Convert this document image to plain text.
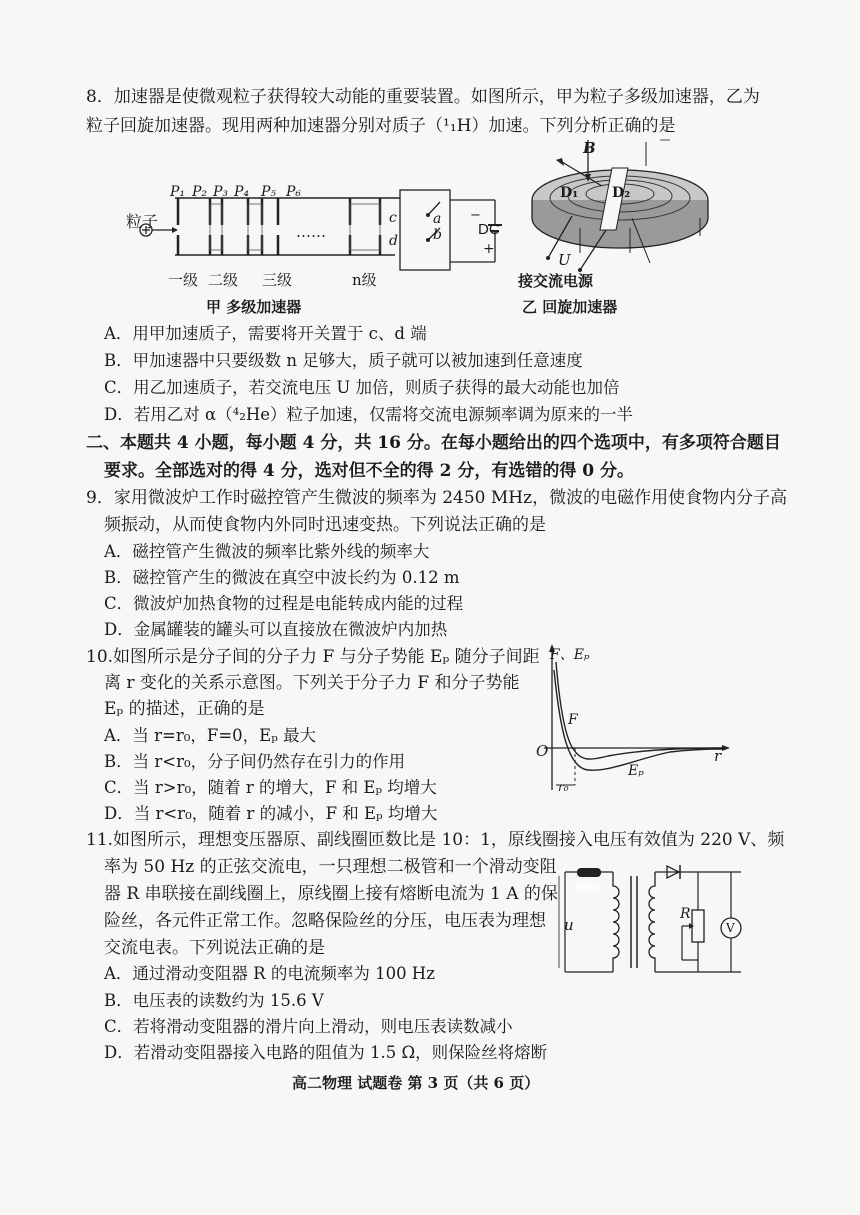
8．加速器是使微观粒子获得较大动能的重要装置。如图所示，甲为粒子多级加速器，乙为
粒子回旋加速器。现用两种加速器分别对质子（¹₁H）加速。下列分析正确的是
粒子
P₁ P₂ P₃ P₄ P₅ P₆
……
c
d
a
b DC
−
+
一级 二级 三级	n级
甲 多级加速器
B
D₁ D₂
U
接交流电源
乙 回旋加速器
A．用甲加速质子，需要将开关置于 c、d 端
B．甲加速器中只要级数 n 足够大，质子就可以被加速到任意速度
C．用乙加速质子，若交流电压 U 加倍，则质子获得的最大动能也加倍
D．若用乙对 α（⁴₂He）粒子加速，仅需将交流电源频率调为原来的一半
二、本题共 4 小题，每小题 4 分，共 16 分。在每小题给出的四个选项中，有多项符合题目
要求。全部选对的得 4 分，选对但不全的得 2 分，有选错的得 0 分。
9．家用微波炉工作时磁控管产生微波的频率为 2450 MHz，微波的电磁作用使食物内分子高
频振动，从而使食物内外同时迅速变热。下列说法正确的是
A．磁控管产生微波的频率比紫外线的频率大
B．磁控管产生的微波在真空中波长约为 0.12 m
C．微波炉加热食物的过程是电能转成内能的过程
D．金属罐装的罐头可以直接放在微波炉内加热
10.如图所示是分子间的分子力 F 与分子势能 Eₚ 随分子间距
离 r 变化的关系示意图。下列关于分子力 F 和分子势能
Eₚ 的描述，正确的是
A．当 r=r₀，F=0，Eₚ 最大
B．当 r<r₀，分子间仍然存在引力的作用
C．当 r>r₀，随着 r 的增大，F 和 Eₚ 均增大
D．当 r<r₀，随着 r 的减小，F 和 Eₚ 均增大
F、Eₚ
O	r
F
Eₚ
r₀
11.如图所示，理想变压器原、副线圈匝数比是 10：1，原线圈接入电压有效值为 220 V、频
率为 50 Hz 的正弦交流电，一只理想二极管和一个滑动变阻
器 R 串联接在副线圈上，原线圈上接有熔断电流为 1 A 的保
险丝，各元件正常工作。忽略保险丝的分压，电压表为理想
交流电表。下列说法正确的是
A．通过滑动变阻器 R 的电流频率为 100 Hz
B．电压表的读数约为 15.6 V
C．若将滑动变阻器的滑片向上滑动，则电压表读数减小
D．若滑动变阻器接入电路的阻值为 1.5 Ω，则保险丝将熔断
保险丝
u
R
V
高二物理 试题卷 第 3 页（共 6 页）
